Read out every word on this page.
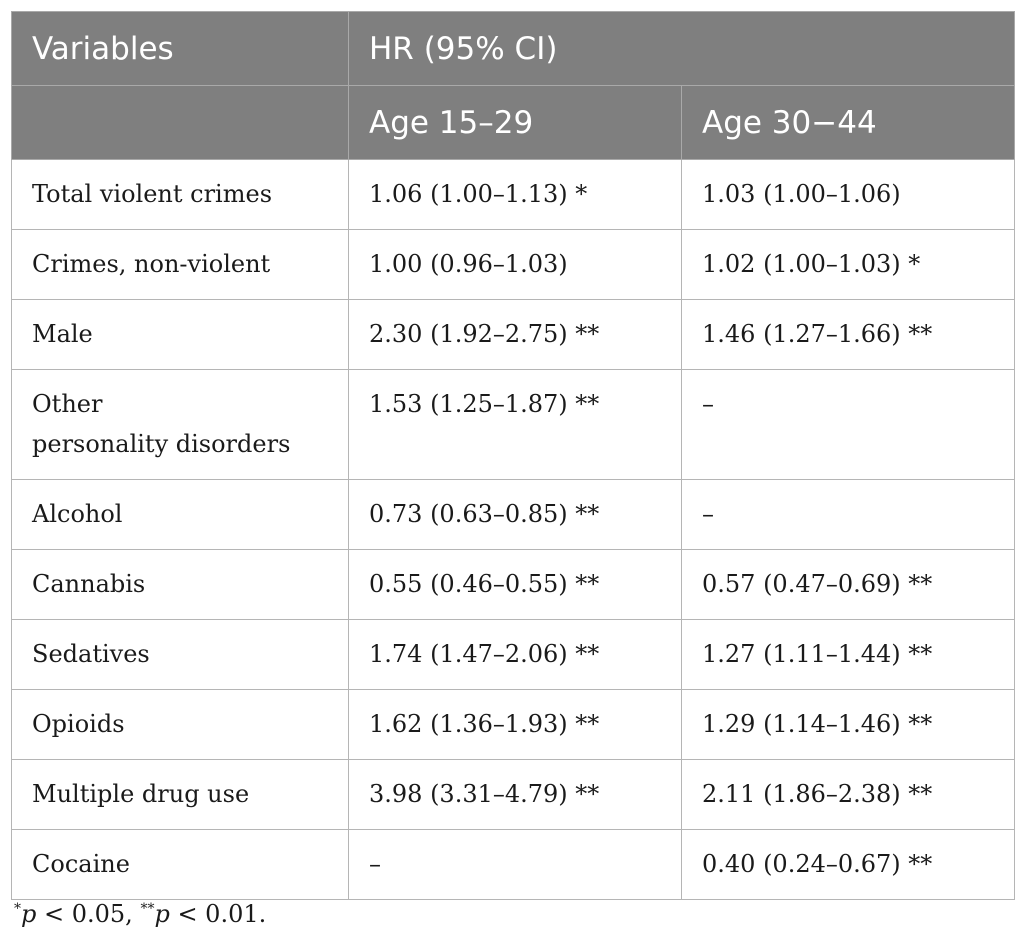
Variables	HR (95% CI)	
	Age 15–29	Age 30−44

Total violent crimes	1.06 (1.00–1.13) *	1.03 (1.00–1.06)

Crimes, non-violent	1.00 (0.96–1.03)	1.02 (1.00–1.03) *

Male	2.30 (1.92–2.75) **	1.46 (1.27–1.66) **

Other
personality disorders	1.53 (1.25–1.87) **	–

Alcohol	0.73 (0.63–0.85) **	–

Cannabis	0.55 (0.46–0.55) **	0.57 (0.47–0.69) **

Sedatives	1.74 (1.47–2.06) **	1.27 (1.11–1.44) **

Opioids	1.62 (1.36–1.93) **	1.29 (1.14–1.46) **

Multiple drug use	3.98 (3.31–4.79) **	2.11 (1.86–2.38) **

Cocaine	–	0.40 (0.24–0.67) **
*p < 0.05, **p < 0.01.
